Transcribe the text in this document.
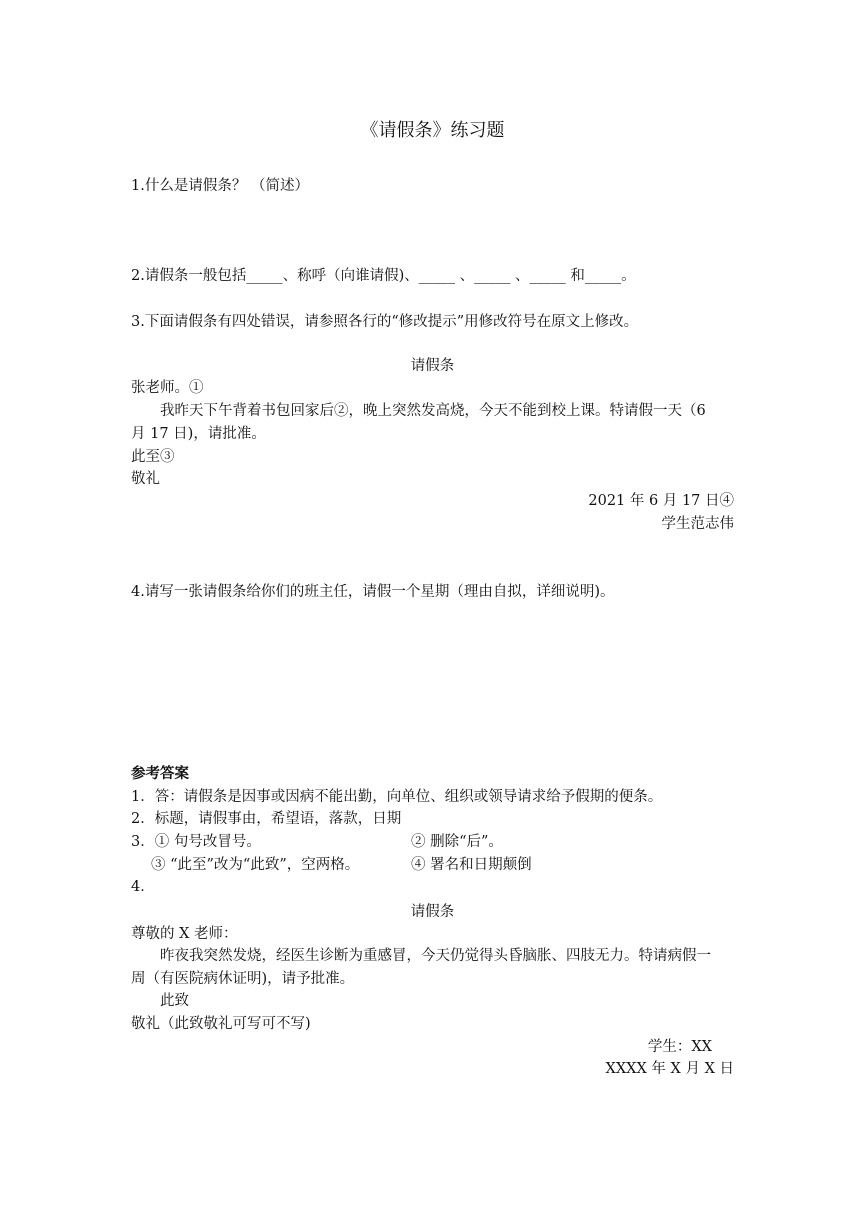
《请假条》练习题
1.什么是请假条？ （简述）
2.请假条一般包括_____、称呼（向谁请假)、_____ 、_____ 、_____ 和_____。
3.下面请假条有四处错误，请参照各行的“修改提示”用修改符号在原文上修改。
请假条
张老师。①
我昨天下午背着书包回家后②，晚上突然发高烧，今天不能到校上课。特请假一天（6
月 17 日)，请批准。
此至③
敬礼
2021 年 6 月 17 日④
学生范志伟
4.请写一张请假条给你们的班主任，请假一个星期（理由自拟，详细说明)。
参考答案
1．答：请假条是因事或因病不能出勤，向单位、组织或领导请求给予假期的便条。
2．标题，请假事由，希望语，落款，日期
3．① 句号改冒号。	② 删除“后”。
③ “此至”改为“此致”，空两格。	④ 署名和日期颠倒
4．
请假条
尊敬的 X 老师：
昨夜我突然发烧，经医生诊断为重感冒，今天仍觉得头昏脑胀、四肢无力。特请病假一
周（有医院病休证明)，请予批准。
此致
敬礼（此致敬礼可写可不写)
学生：XX
XXXX 年 X 月 X 日
